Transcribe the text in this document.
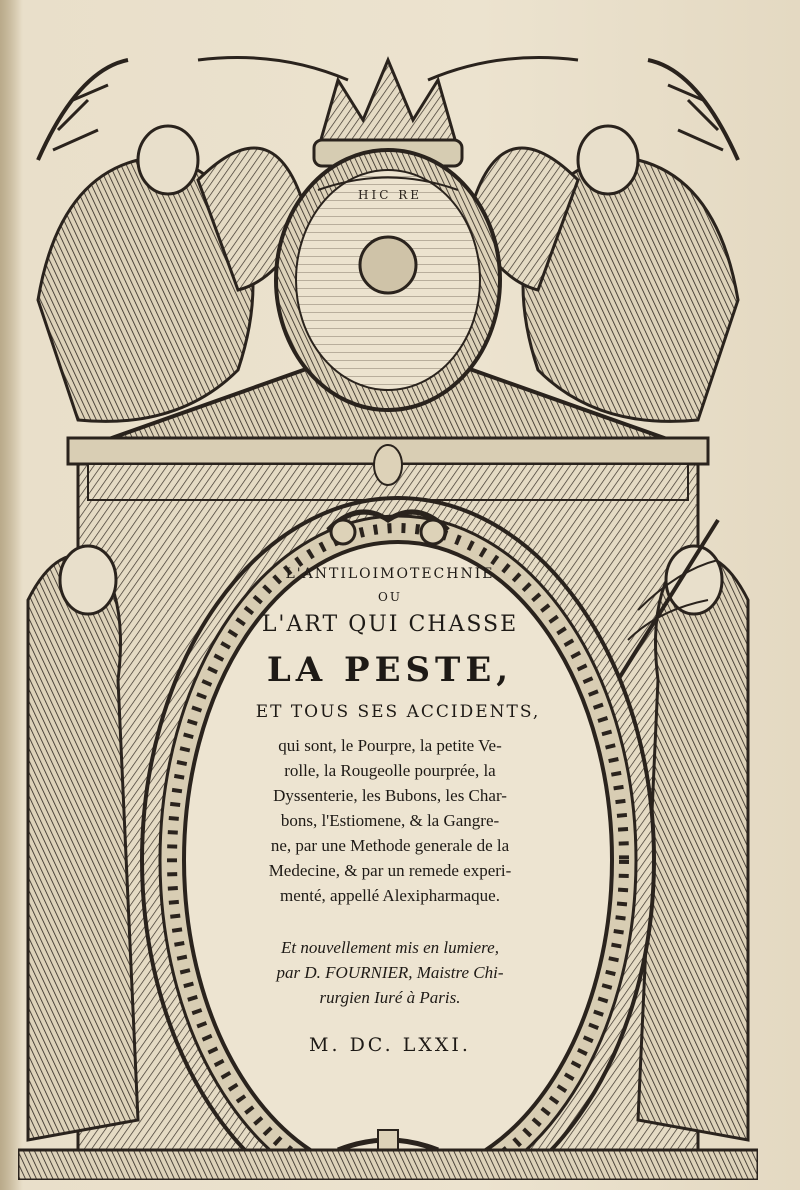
HIC RE
L'ANTILOIMOTECHNIE
OU
L'ART QUI CHASSE
LA PESTE,
ET TOUS SES ACCIDENTS,
qui sont, le Pourpre, la petite Ve-
rolle, la Rougeolle pourprée, la
Dyssenterie, les Bubons, les Char-
bons, l'Estiomene, & la Gangre-
ne, par une Methode generale de la
Medecine, & par un remede experi-
menté, appellé Alexipharmaque.
Et nouvellement mis en lumiere,
par D. FOURNIER, Maistre Chi-
rurgien Iuré à Paris.
M. DC. LXXI.
